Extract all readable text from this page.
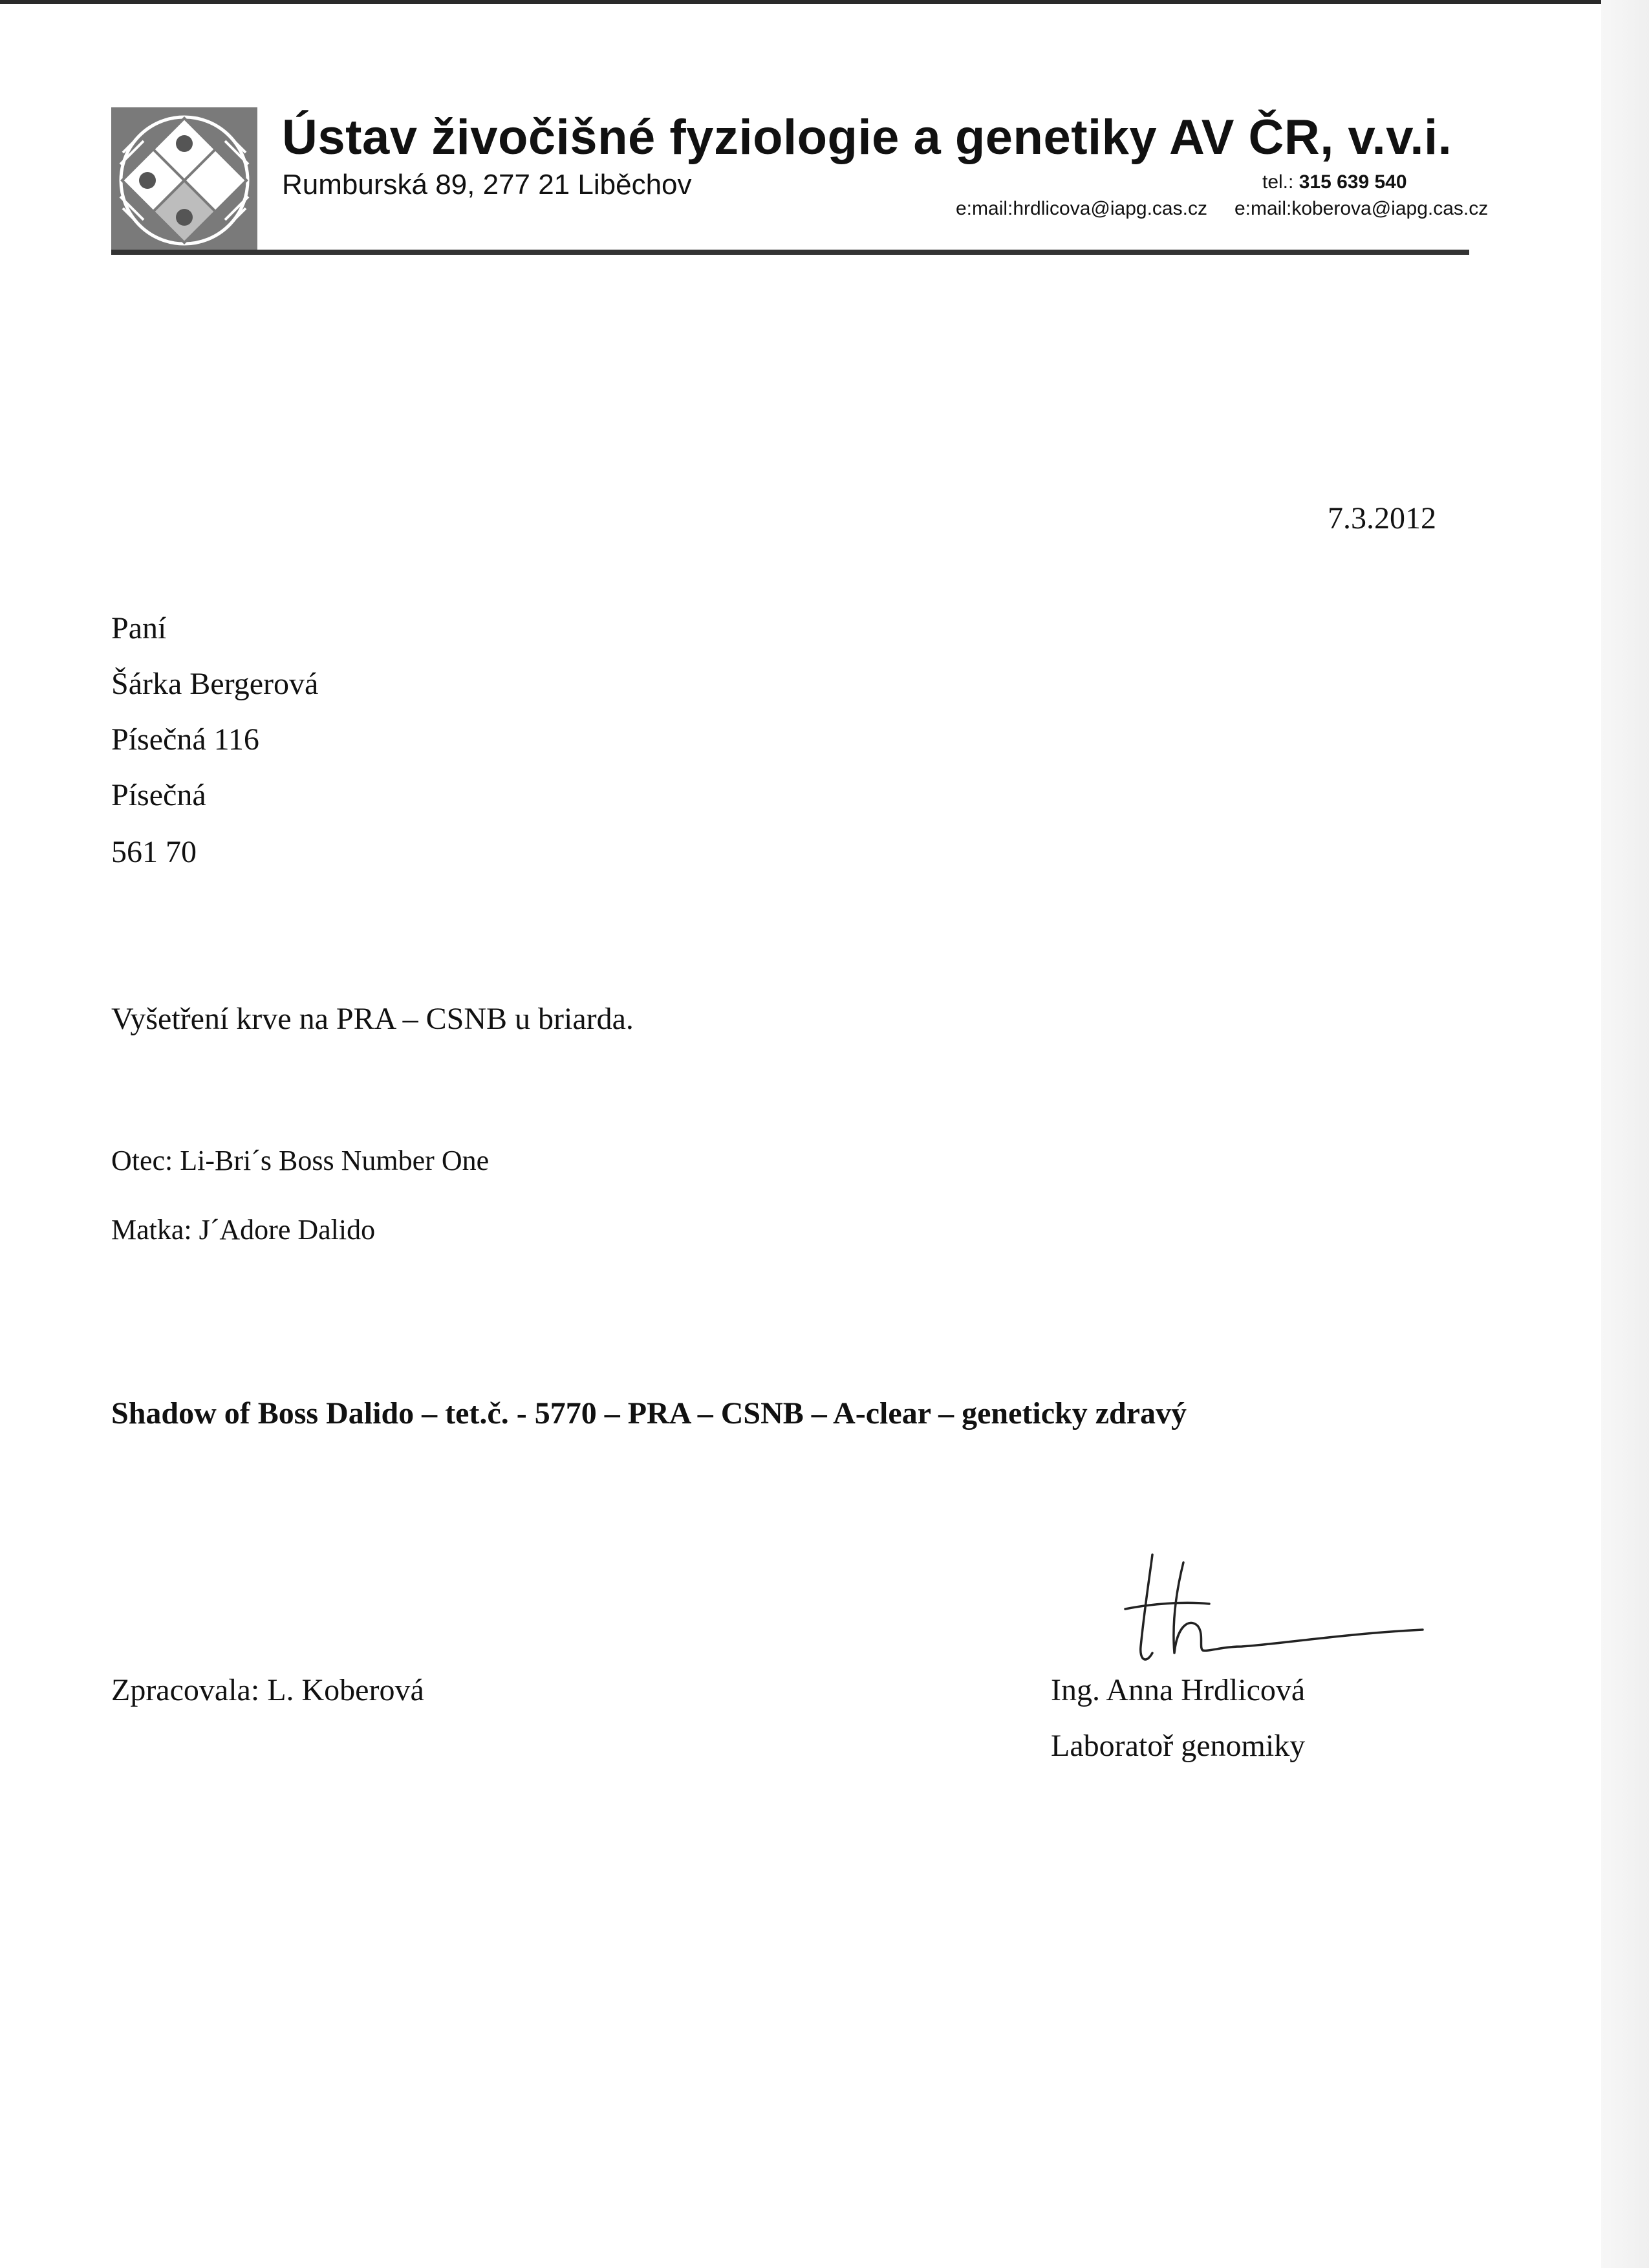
Ústav živočišné fyziologie a genetiky AV ČR, v.v.i.
Rumburská 89, 277 21 Liběchov	tel.: 315 639 540
e:mail:hrdlicova@iapg.cas.cz e:mail:koberova@iapg.cas.cz
7.3.2012
Paní
Šárka Bergerová
Písečná 116
Písečná
561 70
Vyšetření krve na PRA – CSNB u briarda.
Otec: Li-Bri´s Boss Number One
Matka: J´Adore Dalido
Shadow of Boss Dalido – tet.č. - 5770 – PRA – CSNB – A-clear – geneticky zdravý
Zpracovala: L. Koberová	Ing. Anna Hrdlicová
Laboratoř genomiky
